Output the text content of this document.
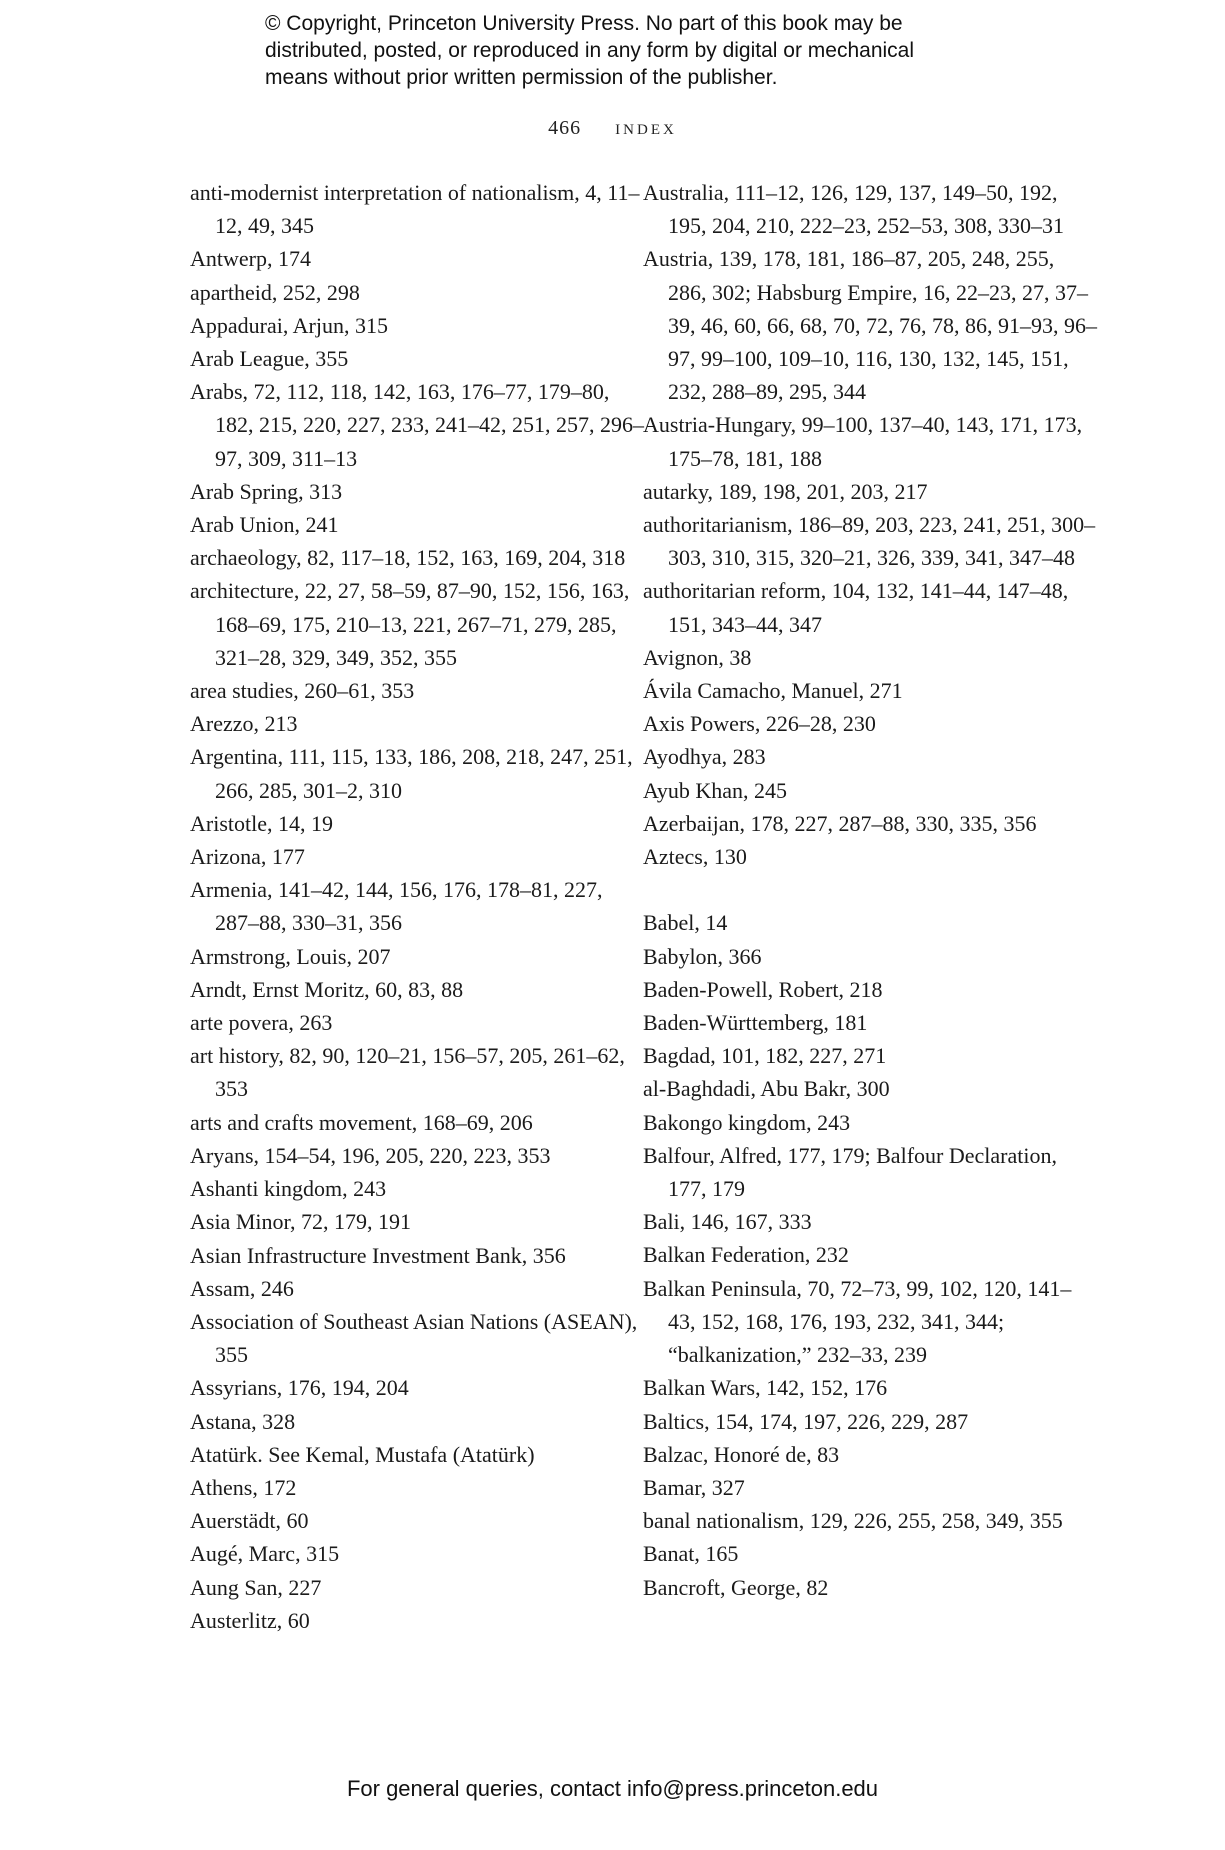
© Copyright, Princeton University Press. No part of this book may be
distributed, posted, or reproduced in any form by digital or mechanical
means without prior written permission of the publisher.
466 index
anti-modernist interpretation of nationalism, 4, 11–12, 49, 345
Antwerp, 174
apartheid, 252, 298
Appadurai, Arjun, 315
Arab League, 355
Arabs, 72, 112, 118, 142, 163, 176–77, 179–80, 182, 215, 220, 227, 233, 241–42, 251, 257, 296–97, 309, 311–13
Arab Spring, 313
Arab Union, 241
archaeology, 82, 117–18, 152, 163, 169, 204, 318
architecture, 22, 27, 58–59, 87–90, 152, 156, 163, 168–69, 175, 210–13, 221, 267–71, 279, 285, 321–28, 329, 349, 352, 355
area studies, 260–61, 353
Arezzo, 213
Argentina, 111, 115, 133, 186, 208, 218, 247, 251, 266, 285, 301–2, 310
Aristotle, 14, 19
Arizona, 177
Armenia, 141–42, 144, 156, 176, 178–81, 227, 287–88, 330–31, 356
Armstrong, Louis, 207
Arndt, Ernst Moritz, 60, 83, 88
arte povera, 263
art history, 82, 90, 120–21, 156–57, 205, 261–62, 353
arts and crafts movement, 168–69, 206
Aryans, 154–54, 196, 205, 220, 223, 353
Ashanti kingdom, 243
Asia Minor, 72, 179, 191
Asian Infrastructure Investment Bank, 356
Assam, 246
Association of Southeast Asian Nations (ASEAN), 355
Assyrians, 176, 194, 204
Astana, 328
Atatürk. See Kemal, Mustafa (Atatürk)
Athens, 172
Auerstädt, 60
Augé, Marc, 315
Aung San, 227
Austerlitz, 60
Australia, 111–12, 126, 129, 137, 149–50, 192, 195, 204, 210, 222–23, 252–53, 308, 330–31
Austria, 139, 178, 181, 186–87, 205, 248, 255, 286, 302; Habsburg Empire, 16, 22–23, 27, 37–39, 46, 60, 66, 68, 70, 72, 76, 78, 86, 91–93, 96–97, 99–100, 109–10, 116, 130, 132, 145, 151, 232, 288–89, 295, 344
Austria-Hungary, 99–100, 137–40, 143, 171, 173, 175–78, 181, 188
autarky, 189, 198, 201, 203, 217
authoritarianism, 186–89, 203, 223, 241, 251, 300–303, 310, 315, 320–21, 326, 339, 341, 347–48
authoritarian reform, 104, 132, 141–44, 147–48, 151, 343–44, 347
Avignon, 38
Ávila Camacho, Manuel, 271
Axis Powers, 226–28, 230
Ayodhya, 283
Ayub Khan, 245
Azerbaijan, 178, 227, 287–88, 330, 335, 356
Aztecs, 130
Babel, 14
Babylon, 366
Baden-Powell, Robert, 218
Baden-Württemberg, 181
Bagdad, 101, 182, 227, 271
al-Baghdadi, Abu Bakr, 300
Bakongo kingdom, 243
Balfour, Alfred, 177, 179; Balfour Declaration, 177, 179
Bali, 146, 167, 333
Balkan Federation, 232
Balkan Peninsula, 70, 72–73, 99, 102, 120, 141–43, 152, 168, 176, 193, 232, 341, 344; “balkanization,” 232–33, 239
Balkan Wars, 142, 152, 176
Baltics, 154, 174, 197, 226, 229, 287
Balzac, Honoré de, 83
Bamar, 327
banal nationalism, 129, 226, 255, 258, 349, 355
Banat, 165
Bancroft, George, 82
For general queries, contact info@press.princeton.edu
